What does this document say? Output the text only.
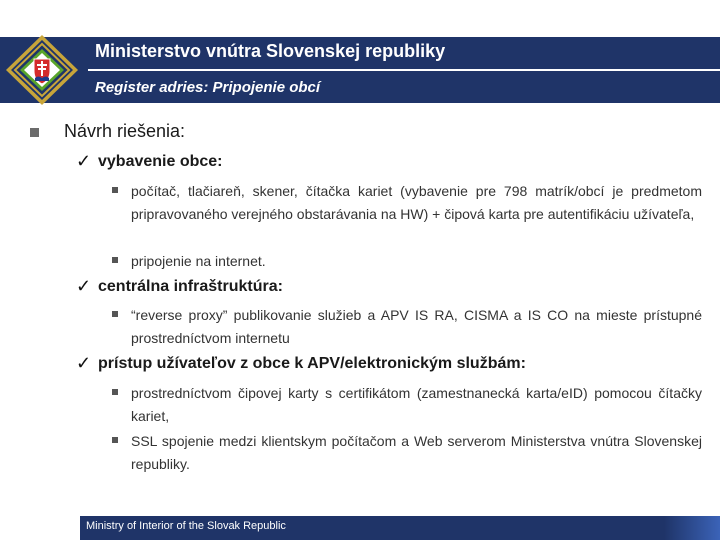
Ministerstvo vnútra Slovenskej republiky
Register adries: Pripojenie obcí
Návrh riešenia:
✓ vybavenie obce:
počítač, tlačiareň, skener, čítačka kariet (vybavenie pre 798 matrík/obcí je predmetom pripravovaného verejného obstarávania na HW) + čipová karta pre autentifikáciu užívateľa,
pripojenie na internet.
✓ centrálna infraštruktúra:
“reverse proxy” publikovanie služieb a APV IS RA, CISMA a IS CO na mieste prístupné prostredníctvom internetu
✓ prístup užívateľov z obce k APV/elektronickým službám:
prostredníctvom čipovej karty s certifikátom (zamestnanecká karta/eID) pomocou čítačky kariet,
SSL spojenie medzi klientskym počítačom a Web serverom Ministerstva vnútra Slovenskej republiky.
Ministry of Interior of the Slovak Republic
